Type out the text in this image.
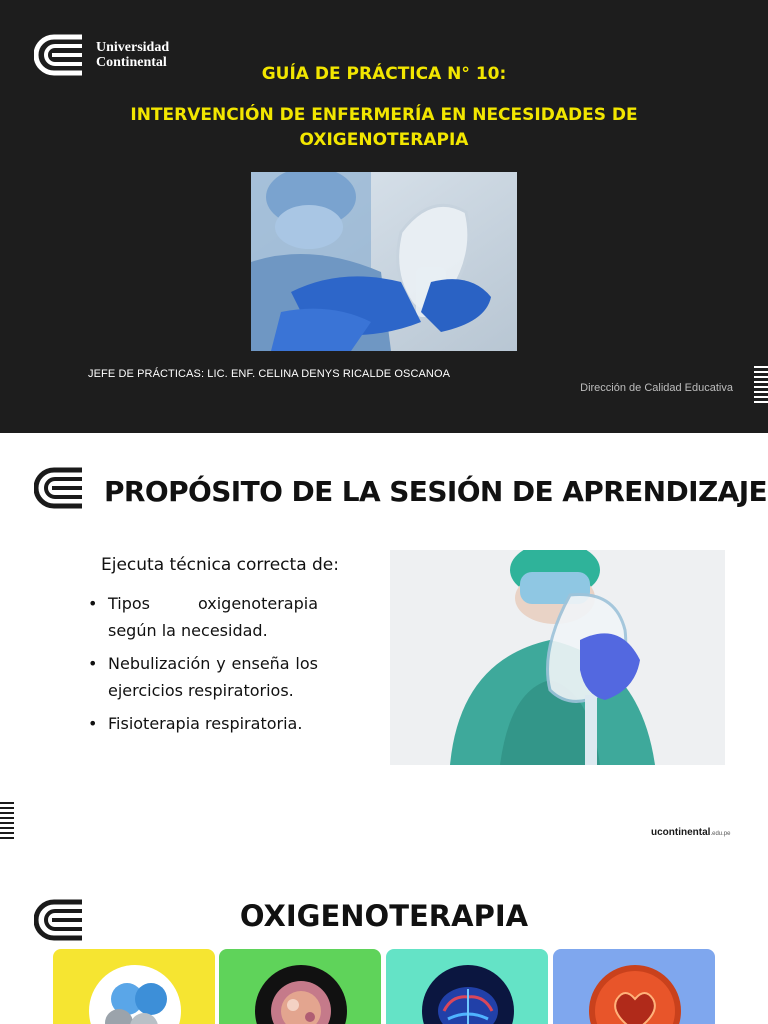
Universidad
Continental
GUÍA DE PRÁCTICA N° 10:
INTERVENCIÓN DE ENFERMERÍA EN NECESIDADES DE
OXIGENOTERAPIA
JEFE DE PRÁCTICAS: LIC. ENF. CELINA DENYS RICALDE OSCANOA
Dirección de Calidad Educativa
PROPÓSITO DE LA SESIÓN DE APRENDIZAJE
Ejecuta técnica correcta de:
• Tipos oxigenoterapia según la necesidad.
• Nebulización y enseña los ejercicios respiratorios.
• Fisioterapia respiratoria.
ucontinental.edu.pe
OXIGENOTERAPIA
